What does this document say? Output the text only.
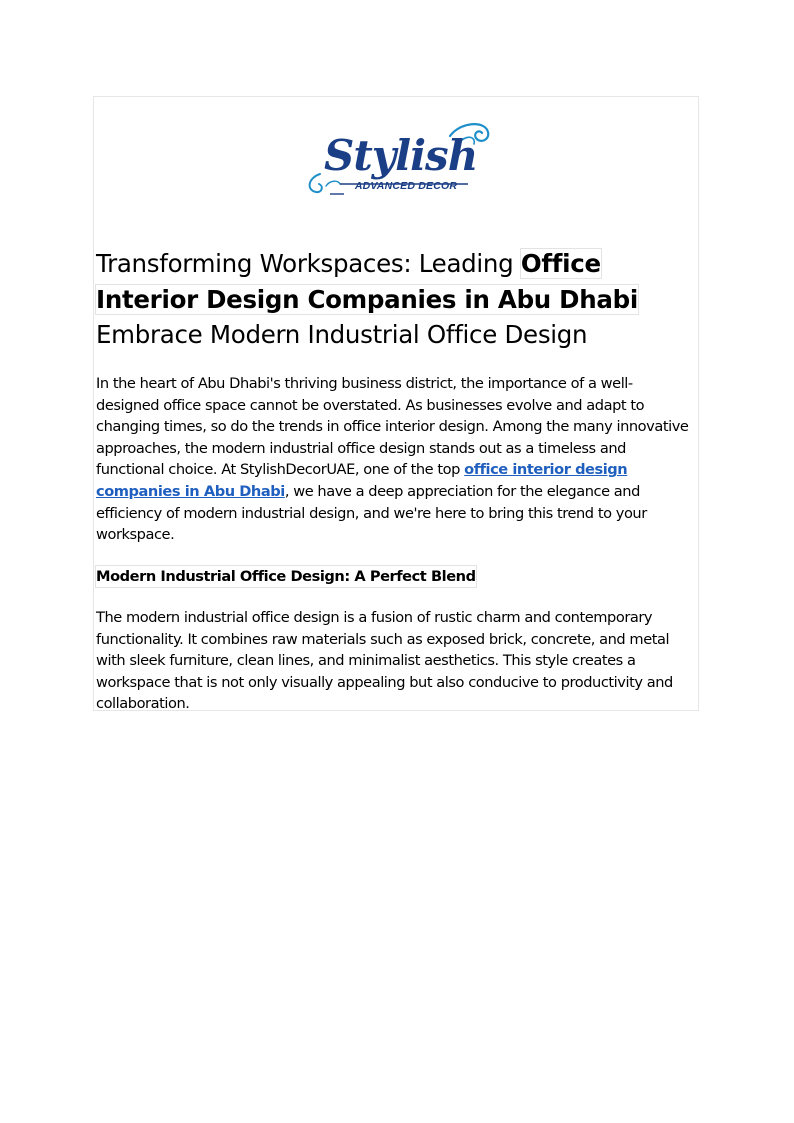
Stylish
ADVANCED DECOR
Transforming Workspaces: Leading Office Interior Design Companies in Abu Dhabi Embrace Modern Industrial Office Design

In the heart of Abu Dhabi's thriving business district, the importance of a well-designed office space cannot be overstated. As businesses evolve and adapt to changing times, so do the trends in office interior design. Among the many innovative approaches, the modern industrial office design stands out as a timeless and functional choice. At StylishDecorUAE, one of the top office interior design companies in Abu Dhabi, we have a deep appreciation for the elegance and efficiency of modern industrial design, and we're here to bring this trend to your workspace.

Modern Industrial Office Design: A Perfect Blend

The modern industrial office design is a fusion of rustic charm and contemporary functionality. It combines raw materials such as exposed brick, concrete, and metal with sleek furniture, clean lines, and minimalist aesthetics. This style creates a workspace that is not only visually appealing but also conducive to productivity and collaboration.
